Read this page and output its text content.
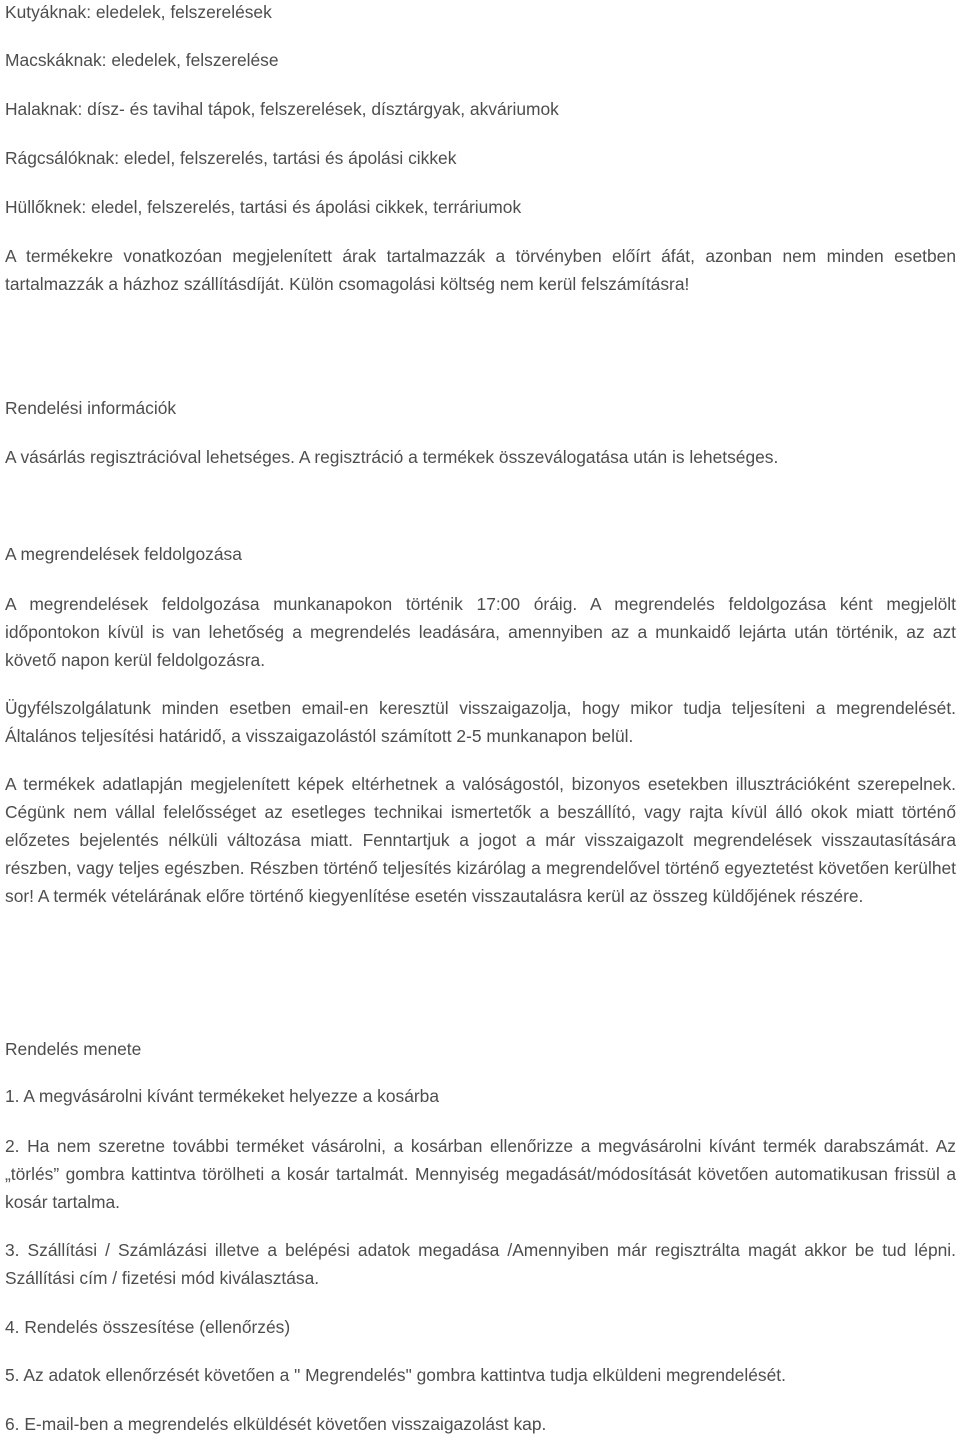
Kutyáknak: eledelek, felszerelések

Macskáknak: eledelek, felszerelése

Halaknak: dísz- és tavihal tápok, felszerelések, dísztárgyak, akváriumok

Rágcsálóknak: eledel, felszerelés, tartási és ápolási cikkek

Hüllőknek: eledel, felszerelés, tartási és ápolási cikkek, terráriumok

A termékekre vonatkozóan megjelenített árak tartalmazzák a törvényben előírt áfát, azonban nem minden esetben tartalmazzák a házhoz szállításdíját. Külön csomagolási költség nem kerül felszámításra!

Rendelési információk

A vásárlás regisztrációval lehetséges. A regisztráció a termékek összeválogatása után is lehetséges.

A megrendelések feldolgozása

A megrendelések feldolgozása munkanapokon történik 17:00 óráig. A megrendelés feldolgozása ként megjelölt időpontokon kívül is van lehetőség a megrendelés leadására, amennyiben az a munkaidő lejárta után történik, az azt követő napon kerül feldolgozásra.

Ügyfélszolgálatunk minden esetben email-en keresztül visszaigazolja, hogy mikor tudja teljesíteni a megrendelését. Általános teljesítési határidő, a visszaigazolástól számított 2-5 munkanapon belül.

A termékek adatlapján megjelenített képek eltérhetnek a valóságostól, bizonyos esetekben illusztrációként szerepelnek. Cégünk nem vállal felelősséget az esetleges technikai ismertetők a beszállító, vagy rajta kívül álló okok miatt történő előzetes bejelentés nélküli változása miatt. Fenntartjuk a jogot a már visszaigazolt megrendelések visszautasítására részben, vagy teljes egészben. Részben történő teljesítés kizárólag a megrendelővel történő egyeztetést követően kerülhet sor! A termék vételárának előre történő kiegyenlítése esetén visszautalásra kerül az összeg küldőjének részére.

Rendelés menete

1. A megvásárolni kívánt termékeket helyezze a kosárba

2. Ha nem szeretne további terméket vásárolni, a kosárban ellenőrizze a megvásárolni kívánt termék darabszámát. Az „törlés” gombra kattintva törölheti a kosár tartalmát. Mennyiség megadását/módosítását követően automatikusan frissül a kosár tartalma.

3. Szállítási / Számlázási illetve a belépési adatok megadása /Amennyiben már regisztrálta magát akkor be tud lépni. Szállítási cím / fizetési mód kiválasztása.

4. Rendelés összesítése (ellenőrzés)

5. Az adatok ellenőrzését követően a " Megrendelés" gombra kattintva tudja elküldeni megrendelését.

6. E-mail-ben a megrendelés elküldését követően visszaigazolást kap.
